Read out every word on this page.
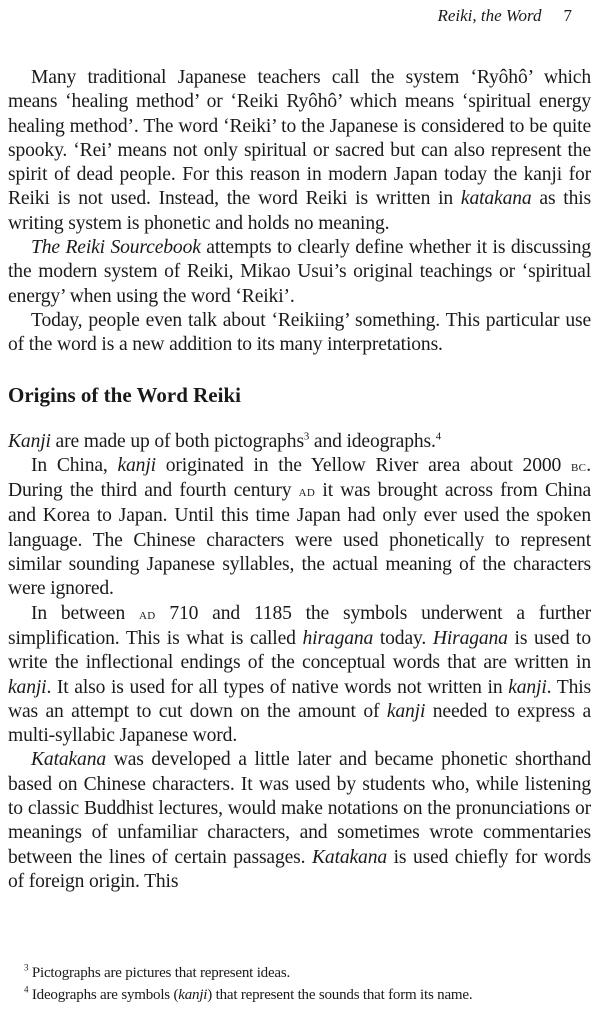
Reiki, the Word 7

Many traditional Japanese teachers call the system ‘Ryôhô’ which means ‘healing method’ or ‘Reiki Ryôhô’ which means ‘spiritual energy healing method’. The word ‘Reiki’ to the Japanese is considered to be quite spooky. ‘Rei’ means not only spiritual or sacred but can also represent the spirit of dead people. For this reason in modern Japan today the kanji for Reiki is not used. Instead, the word Reiki is written in katakana as this writing system is phonetic and holds no meaning.

The Reiki Sourcebook attempts to clearly define whether it is discussing the modern system of Reiki, Mikao Usui’s original teachings or ‘spiritual energy’ when using the word ‘Reiki’.

Today, people even talk about ‘Reikiing’ something. This particular use of the word is a new addition to its many interpretations.

Origins of the Word Reiki

Kanji are made up of both pictographs$^3$ and ideographs.$^4$

In China, kanji originated in the Yellow River area about 2000 bc. During the third and fourth century ad it was brought across from China and Korea to Japan. Until this time Japan had only ever used the spoken language. The Chinese characters were used phonetically to represent similar sounding Japanese syllables, the actual meaning of the characters were ignored.

In between ad 710 and 1185 the symbols underwent a further simplification. This is what is called hiragana today. Hiragana is used to write the inflectional endings of the conceptual words that are written in kanji. It also is used for all types of native words not written in kanji. This was an attempt to cut down on the amount of kanji needed to express a multi-syllabic Japanese word.

Katakana was developed a little later and became phonetic shorthand based on Chinese characters. It was used by students who, while listening to classic Buddhist lectures, would make notations on the pronunciations or meanings of unfamiliar characters, and sometimes wrote commentaries between the lines of certain passages. Katakana is used chiefly for words of foreign origin. This

$^3$ Pictographs are pictures that represent ideas.

$^4$ Ideographs are symbols (kanji) that represent the sounds that form its name.
